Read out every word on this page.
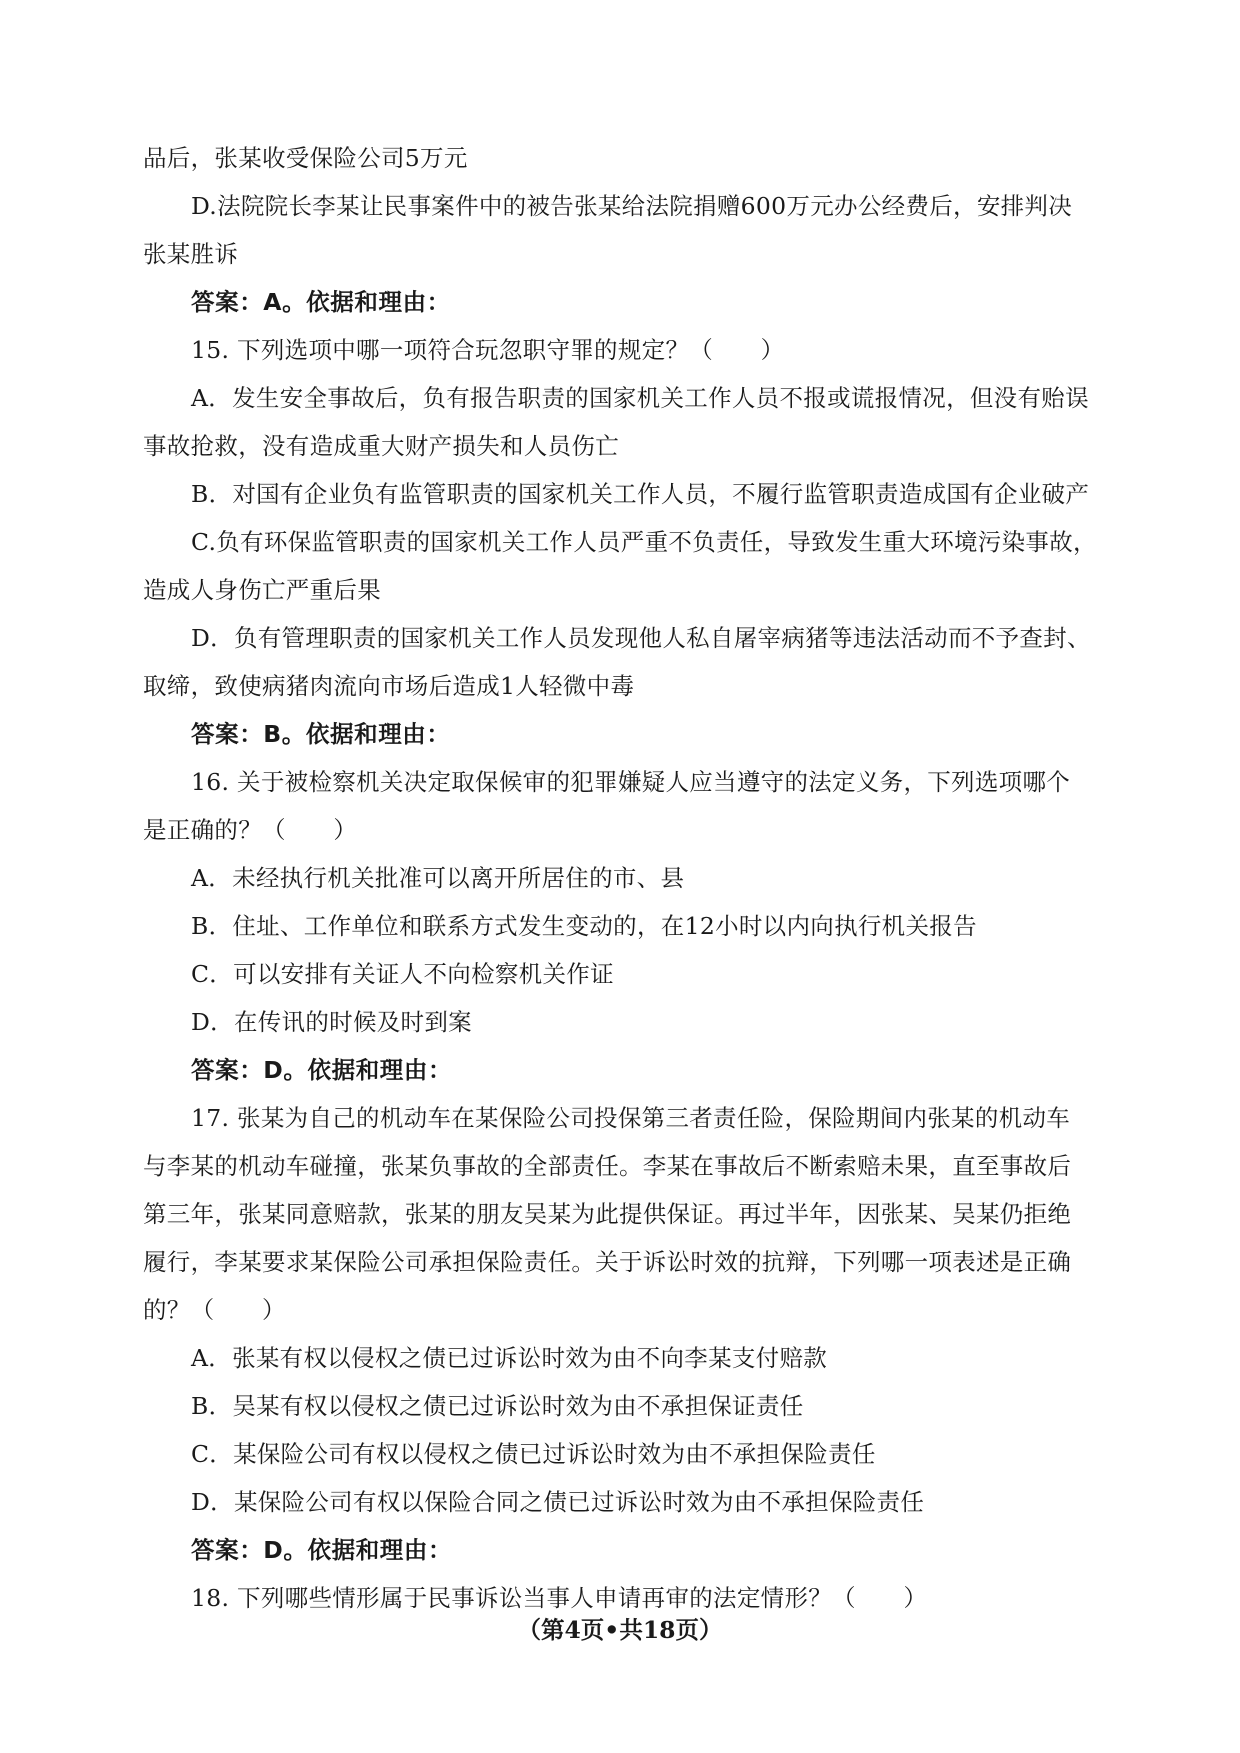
品后，张某收受保险公司5万元
D.法院院长李某让民事案件中的被告张某给法院捐赠600万元办公经费后，安排判决
张某胜诉
答案：A。依据和理由：
15. 下列选项中哪一项符合玩忽职守罪的规定？（　　）
A．发生安全事故后，负有报告职责的国家机关工作人员不报或谎报情况，但没有贻误
事故抢救，没有造成重大财产损失和人员伤亡
B．对国有企业负有监管职责的国家机关工作人员，不履行监管职责造成国有企业破产
C.负有环保监管职责的国家机关工作人员严重不负责任，导致发生重大环境污染事故，
造成人身伤亡严重后果
D．负有管理职责的国家机关工作人员发现他人私自屠宰病猪等违法活动而不予查封、
取缔，致使病猪肉流向市场后造成1人轻微中毒
答案：B。依据和理由：
16. 关于被检察机关决定取保候审的犯罪嫌疑人应当遵守的法定义务，下列选项哪个
是正确的？（　　）
A．未经执行机关批准可以离开所居住的市、县
B．住址、工作单位和联系方式发生变动的，在12小时以内向执行机关报告
C．可以安排有关证人不向检察机关作证
D．在传讯的时候及时到案
答案：D。依据和理由：
17. 张某为自己的机动车在某保险公司投保第三者责任险，保险期间内张某的机动车
与李某的机动车碰撞，张某负事故的全部责任。李某在事故后不断索赔未果，直至事故后
第三年，张某同意赔款，张某的朋友吴某为此提供保证。再过半年，因张某、吴某仍拒绝
履行，李某要求某保险公司承担保险责任。关于诉讼时效的抗辩，下列哪一项表述是正确
的？（　　）
A．张某有权以侵权之债已过诉讼时效为由不向李某支付赔款
B．吴某有权以侵权之债已过诉讼时效为由不承担保证责任
C．某保险公司有权以侵权之债已过诉讼时效为由不承担保险责任
D．某保险公司有权以保险合同之债已过诉讼时效为由不承担保险责任
答案：D。依据和理由：
18. 下列哪些情形属于民事诉讼当事人申请再审的法定情形？（　　）
（第4页•共18页）
